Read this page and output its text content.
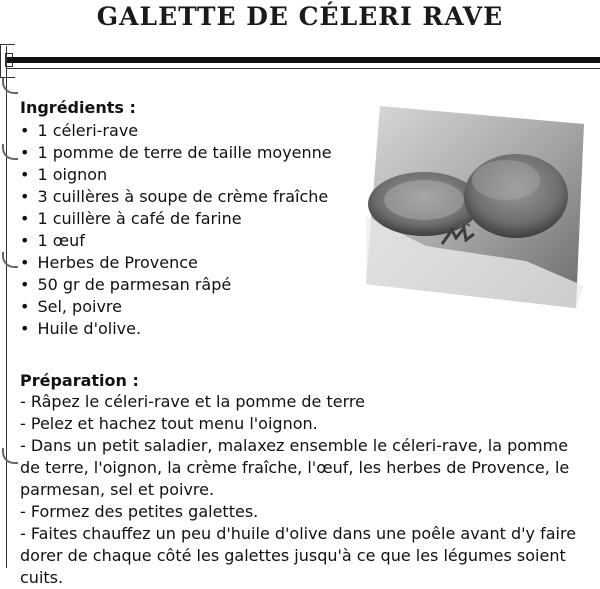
GALETTE DE CÉLERI RAVE
Ingrédients :
• 1 céleri-rave
• 1 pomme de terre de taille moyenne
• 1 oignon
• 3 cuillères à soupe de crème fraîche
• 1 cuillère à café de farine
• 1 œuf
• Herbes de Provence
• 50 gr de parmesan râpé
• Sel, poivre
• Huile d'olive.
Préparation :
- Râpez le céleri-rave et la pomme de terre
- Pelez et hachez tout menu l'oignon.
- Dans un petit saladier, malaxez ensemble le céleri-rave, la pomme de terre, l'oignon, la crème fraîche, l'œuf, les herbes de Provence, le parmesan, sel et poivre.
- Formez des petites galettes.
- Faites chauffez un peu d'huile d'olive dans une poêle avant d'y faire dorer de chaque côté les galettes jusqu'à ce que les légumes soient cuits.
